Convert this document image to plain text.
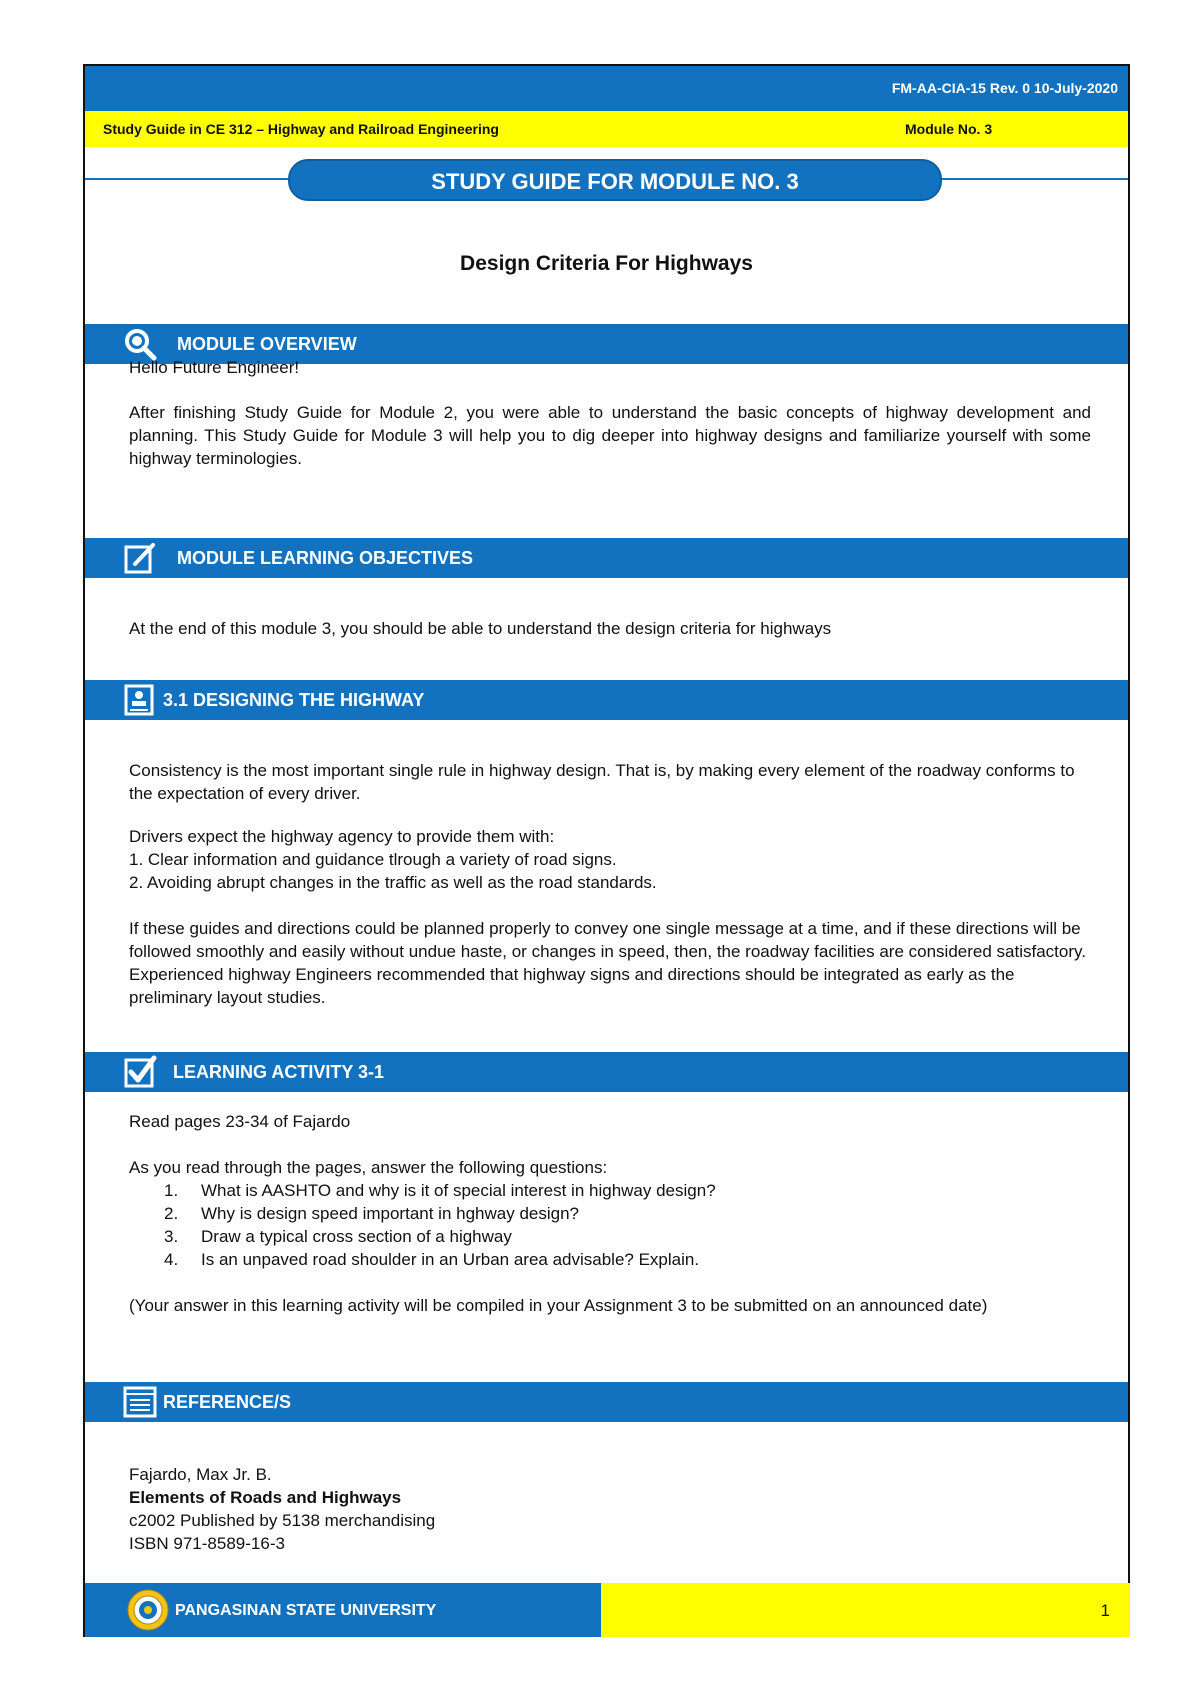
FM-AA-CIA-15 Rev. 0 10-July-2020
Study Guide in CE 312 – Highway and Railroad Engineering	Module No. 3
STUDY GUIDE FOR MODULE NO. 3
Design Criteria For Highways
MODULE OVERVIEW

Hello Future Engineer!

After finishing Study Guide for Module 2, you were able to understand the basic concepts of highway development and planning. This Study Guide for Module 3 will help you to dig deeper into highway designs and familiarize yourself with some highway terminologies.

MODULE LEARNING OBJECTIVES

At the end of this module 3, you should be able to understand the design criteria for highways

3.1 DESIGNING THE HIGHWAY

Consistency is the most important single rule in highway design. That is, by making every element of the roadway conforms to the expectation of every driver.

Drivers expect the highway agency to provide them with:

1. Clear information and guidance tlrough a variety of road signs.

2. Avoiding abrupt changes in the traffic as well as the road standards.

If these guides and directions could be planned properly to convey one single message at a time, and if these directions will be followed smoothly and easily without undue haste, or changes in speed, then, the roadway facilities are considered satisfactory. Experienced highway Engineers recommended that highway signs and directions should be integrated as early as the preliminary layout studies.

LEARNING ACTIVITY 3-1

Read pages 23-34 of Fajardo

As you read through the pages, answer the following questions:

1.	What is AASHTO and why is it of special interest in highway design?
2.	Why is design speed important in hghway design?
3.	Draw a typical cross section of a highway
4.	Is an unpaved road shoulder in an Urban area advisable? Explain.

(Your answer in this learning activity will be compiled in your Assignment 3 to be submitted on an announced date)

REFERENCE/S
Fajardo, Max Jr. B.
Elements of Roads and Highways
c2002 Published by 5138 merchandising
ISBN 971-8589-16-3
PANGASINAN STATE UNIVERSITY	1
